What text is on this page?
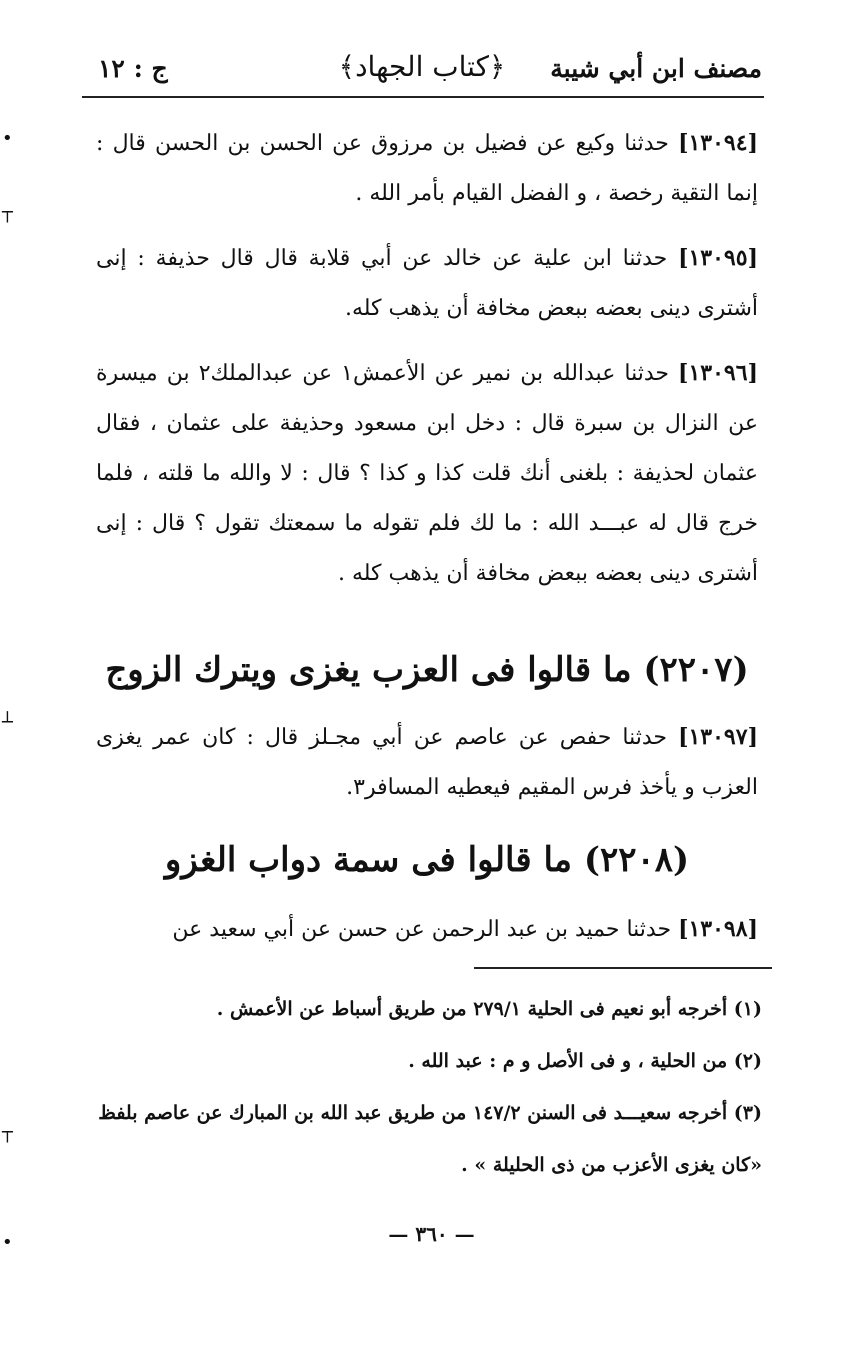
مصنف ابن أبي شيبة
﴿كتاب الجهاد﴾
ج : ١٢

[١٣٠٩٤] حدثنا وكيع عن فضيل بن مرزوق عن الحسن بن الحسن قال : إنما التقية رخصة ، و الفضل القيام بأمر الله .

[١٣٠٩٥] حدثنا ابن علية عن خالد عن أبي قلابة قال قال حذيفة : إنى أشترى دينى بعضه ببعض مخافة أن يذهب كله.

[١٣٠٩٦] حدثنا عبدالله بن نمير عن الأعمش١ عن عبدالملك٢ بن ميسرة عن النزال بن سبرة قال : دخل ابن مسعود وحذيفة على عثمان ، فقال عثمان لحذيفة : بلغنى أنك قلت كذا و كذا ؟ قال : لا والله ما قلته ، فلما خرج قال له عبـــد الله : ما لك فلم تقوله ما سمعتك تقول ؟ قال : إنى أشترى دينى بعضه ببعض مخافة أن يذهب كله .

(٢٢٠٧) ما قالوا فى العزب يغزى ويترك الزوج

[١٣٠٩٧] حدثنا حفص عن عاصم عن أبي مجـلز قال : كان عمر يغزى العزب و يأخذ فرس المقيم فيعطيه المسافر٣.

(٢٢٠٨) ما قالوا فى سمة دواب الغزو

[١٣٠٩٨] حدثنا حميد بن عبد الرحمن عن حسن عن أبي سعيد عن

(١) أخرجه أبو نعيم فى الحلية ٢٧٩/١ من طريق أسباط عن الأعمش .

(٢) من الحلية ، و فى الأصل و م : عبد الله .

(٣) أخرجه سعيـــد فى السنن ١٤٧/٢ من طريق عبد الله بن المبارك عن عاصم بلفظ «كان يغزى الأعزب من ذى الحليلة » .

— ٣٦٠ —
•
┬
┴
┬
•
